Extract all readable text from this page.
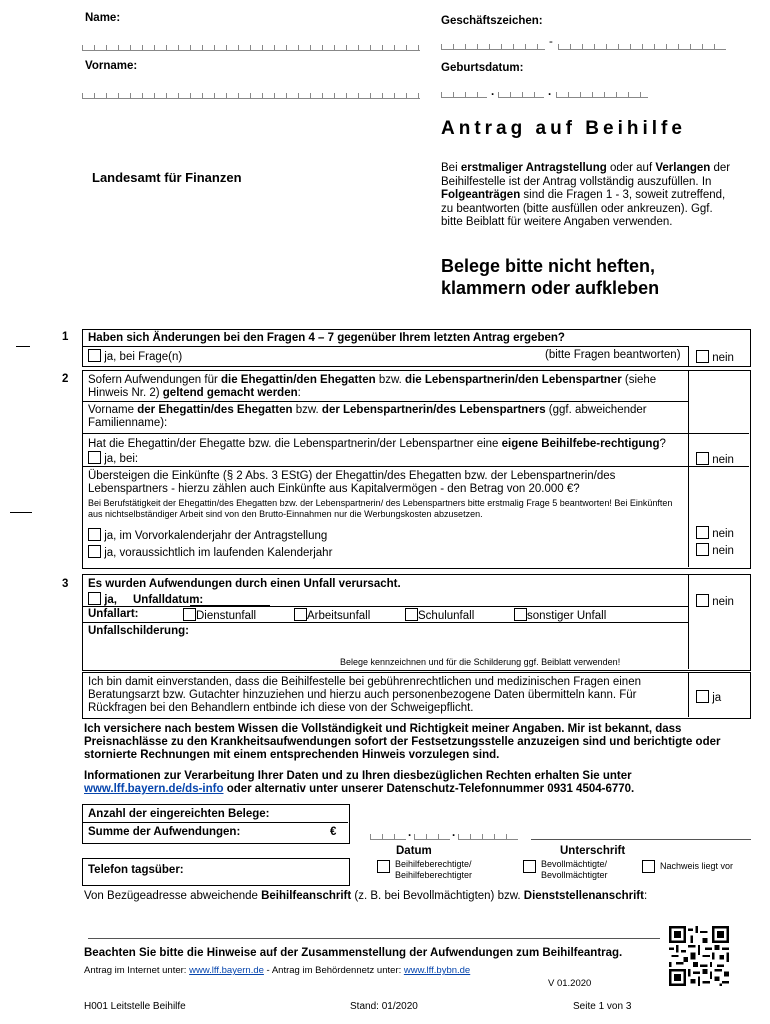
Name:
Vorname:
Geschäftszeichen:
-
Geburtsdatum:
.	.
Antrag auf Beihilfe
Landesamt für Finanzen
Bei erstmaliger Antragstellung oder auf Verlangen der Beihilfestelle ist der Antrag vollständig auszufüllen. In Folgeanträgen sind die Fragen 1 - 3, soweit zutreffend, zu beantworten (bitte ausfüllen oder ankreuzen). Ggf. bitte Beiblatt für weitere Angaben verwenden.
Belege bitte nicht heften, klammern oder aufkleben
1 Haben sich Änderungen bei den Fragen 4 – 7 gegenüber Ihrem letzten Antrag ergeben?
ja, bei Frage(n)	(bitte Fragen beantworten)	nein
2 Sofern Aufwendungen für die Ehegattin/den Ehegatten bzw. die Lebenspartnerin/den Lebenspartner (siehe Hinweis Nr. 2) geltend gemacht werden:
Vorname der Ehegattin/des Ehegatten bzw. der Lebenspartnerin/des Lebenspartners (ggf. abweichender Familienname):
Hat die Ehegattin/der Ehegatte bzw. die Lebenspartnerin/der Lebenspartner eine eigene Beihilfebe-rechtigung?  ja, bei:	nein
Übersteigen die Einkünfte (§ 2 Abs. 3 EStG) der Ehegattin/des Ehegatten bzw. der Lebenspartnerin/des Lebenspartners - hierzu zählen auch Einkünfte aus Kapitalvermögen - den Betrag von 20.000 €?
Bei Berufstätigkeit der Ehegattin/des Ehegatten bzw. der Lebenspartnerin/ des Lebenspartners bitte erstmalig Frage 5 beantworten! Bei Einkünften aus nichtselbständiger Arbeit sind von den Brutto-Einnahmen nur die Werbungskosten abzusetzen.
ja, im Vorvorkalenderjahr der Antragstellung
ja, voraussichtlich im laufenden Kalenderjahr
nein
nein
3 Es wurden Aufwendungen durch einen Unfall verursacht.
ja, Unfalldatum:	nein
Unfallart:	Dienstunfall	Arbeitsunfall	Schulunfall	sonstiger Unfall
Unfallschilderung:
Belege kennzeichnen und für die Schilderung ggf. Beiblatt verwenden!
Ich bin damit einverstanden, dass die Beihilfestelle bei gebührenrechtlichen und medizinischen Fragen einen Beratungsarzt bzw. Gutachter hinzuziehen und hierzu auch personenbezogene Daten übermitteln kann. Für Rückfragen bei den Behandlern entbinde ich diese von der Schweigepflicht.
ja
Ich versichere nach bestem Wissen die Vollständigkeit und Richtigkeit meiner Angaben. Mir ist bekannt, dass Preisnachlässe zu den Krankheitsaufwendungen sofort der Festsetzungsstelle anzuzeigen sind und berichtigte oder stornierte Rechnungen mit einem entsprechenden Hinweis vorzulegen sind.
Informationen zur Verarbeitung Ihrer Daten und zu Ihren diesbezüglichen Rechten erhalten Sie unter
www.lff.bayern.de/ds-info oder alternativ unter unserer Datenschutz-Telefonnummer 0931 4504-6770.
Anzahl der eingereichten Belege:
Summe der Aufwendungen:	€	.	.
Datum	Unterschrift
Telefon tagsüber:	Beihilfeberechtigte/ Beihilfeberechtigter
Bevollmächtigte/ Bevollmächtigter
Nachweis liegt vor
Von Bezügeadresse abweichende Beihilfeanschrift (z. B. bei Bevollmächtigten) bzw. Dienststellenanschrift:
Beachten Sie bitte die Hinweise auf der Zusammenstellung der Aufwendungen zum Beihilfeantrag.
Antrag im Internet unter: www.lff.bayern.de - Antrag im Behördennetz unter: www.lff.bybn.de
V 01.2020
H001 Leitstelle Beihilfe	Stand: 01/2020	Seite 1 von 3
